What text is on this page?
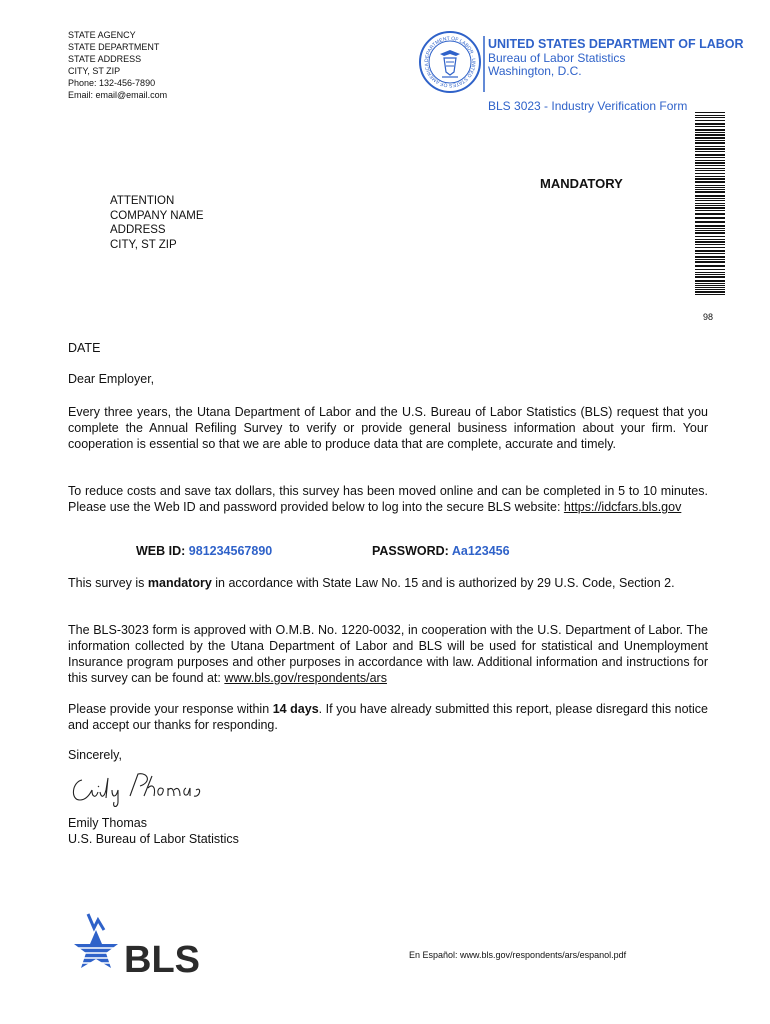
STATE AGENCY
STATE DEPARTMENT
STATE ADDRESS
CITY, ST ZIP
Phone: 132-456-7890
Email: email@email.com
DEPARTMENT OF LABOR · UNITED STATES OF AMERICA
UNITED STATES DEPARTMENT OF LABOR
Bureau of Labor Statistics
Washington, D.C.
BLS 3023 - Industry Verification Form
MANDATORY
ATTENTION
COMPANY NAME
ADDRESS
CITY, ST ZIP
98
DATE
Dear Employer,
Every three years, the Utana Department of Labor and the U.S. Bureau of Labor Statistics (BLS) request that you complete the Annual Refiling Survey to verify or provide general business information about your firm. Your cooperation is essential so that we are able to produce data that are complete, accurate and timely.
To reduce costs and save tax dollars, this survey has been moved online and can be completed in 5 to 10 minutes. Please use the Web ID and password provided below to log into the secure BLS website: https://idcfars.bls.gov
WEB ID: 981234567890	PASSWORD: Aa123456
This survey is mandatory in accordance with State Law No. 15 and is authorized by 29 U.S. Code, Section 2.
The BLS-3023 form is approved with O.M.B. No. 1220-0032, in cooperation with the U.S. Department of Labor. The information collected by the Utana Department of Labor and BLS will be used for statistical and Unemployment Insurance program purposes and other purposes in accordance with law. Additional information and instructions for this survey can be found at: www.bls.gov/respondents/ars
Please provide your response within 14 days. If you have already submitted this report, please disregard this notice and accept our thanks for responding.
Sincerely,
Emily Thomas
U.S. Bureau of Labor Statistics
BLS	En Español: www.bls.gov/respondents/ars/espanol.pdf
